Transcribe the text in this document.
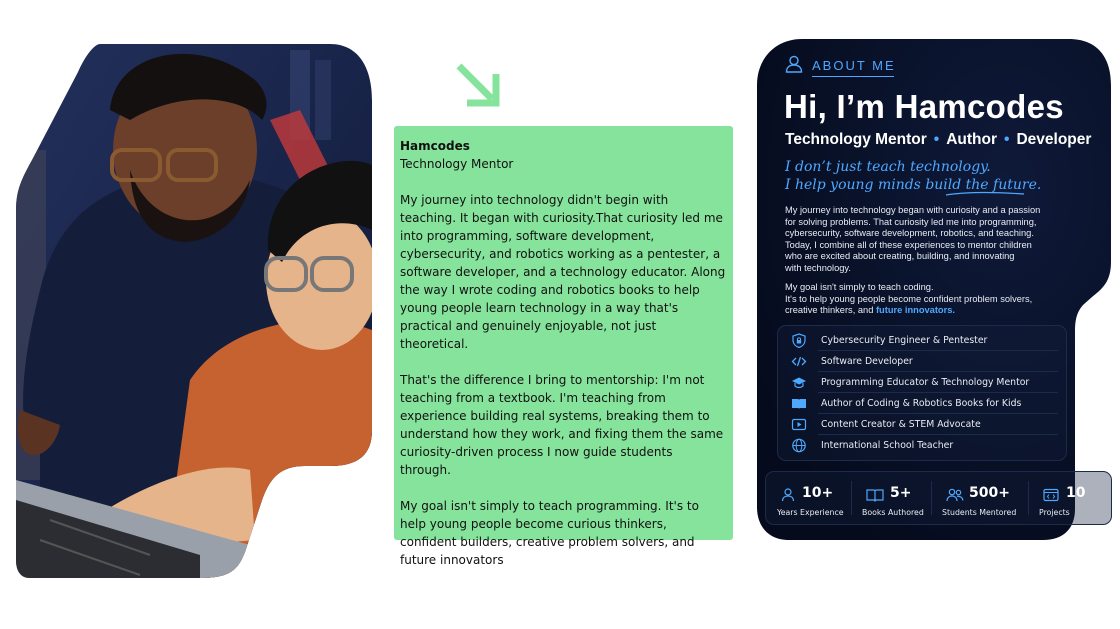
Hamcodes
Technology Mentor

My journey into technology didn't begin with teaching. It began with curiosity.That curiosity led me into programming, software development, cybersecurity, and robotics working as a pentester, a software developer, and a technology educator. Along the way I wrote coding and robotics books to help young people learn technology in a way that's practical and genuinely enjoyable, not just theoretical.

That's the difference I bring to mentorship: I'm not teaching from a textbook. I'm teaching from experience building real systems, breaking them to understand how they work, and fixing them the same curiosity-driven process I now guide students through.

My goal isn't simply to teach programming. It's to help young people become curious thinkers, confident builders, creative problem solvers, and future innovators

ABOUT ME
Hi, I’m Hamcodes
Technology Mentor • Author • Developer
I don’t just teach technology.
I help young minds build the future.
My journey into technology began with curiosity and a passion
for solving problems. That curiosity led me into programming,
cybersecurity, software development, robotics, and teaching.
Today, I combine all of these experiences to mentor children
who are excited about creating, building, and innovating
with technology.
My goal isn't simply to teach coding.
It's to help young people become confident problem solvers,
creative thinkers, and future innovators.
Cybersecurity Engineer & Pentester
Software Developer
Programming Educator & Technology Mentor
Author of Coding & Robotics Books for Kids
Content Creator & STEM Advocate
International School Teacher
10+
Years Experience
5+
Books Authored
500+
Students Mentored
10
Projects
